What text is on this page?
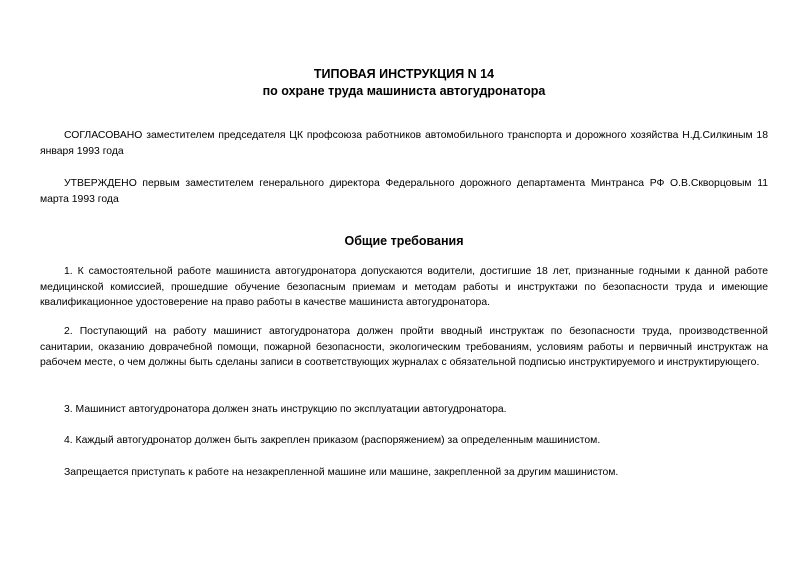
ТИПОВАЯ ИНСТРУКЦИЯ N 14
по охране труда машиниста автогудронатора

СОГЛАСОВАНО заместителем председателя ЦК профсоюза работников автомобильного транспорта и дорожного хозяйства Н.Д.Силкиным 18 января 1993 года

УТВЕРЖДЕНО первым заместителем генерального директора Федерального дорожного департамента Минтранса РФ О.В.Скворцовым 11 марта 1993 года

Общие требования

1. К самостоятельной работе машиниста автогудронатора допускаются водители, достигшие 18 лет, признанные годными к данной работе медицинской комиссией, прошедшие обучение безопасным приемам и методам работы и инструктажи по безопасности труда и имеющие квалификационное удостоверение на право работы в качестве машиниста автогудронатора.

2. Поступающий на работу машинист автогудронатора должен пройти вводный инструктаж по безопасности труда, производственной санитарии, оказанию доврачебной помощи, пожарной безопасности, экологическим требованиям, условиям работы и первичный инструктаж на рабочем месте, о чем должны быть сделаны записи в соответствующих журналах с обязательной подписью инструктируемого и инструктирующего.

3. Машинист автогудронатора должен знать инструкцию по эксплуатации автогудронатора.

4. Каждый автогудронатор должен быть закреплен приказом (распоряжением) за определенным машинистом.

Запрещается приступать к работе на незакрепленной машине или машине, закрепленной за другим машинистом.
